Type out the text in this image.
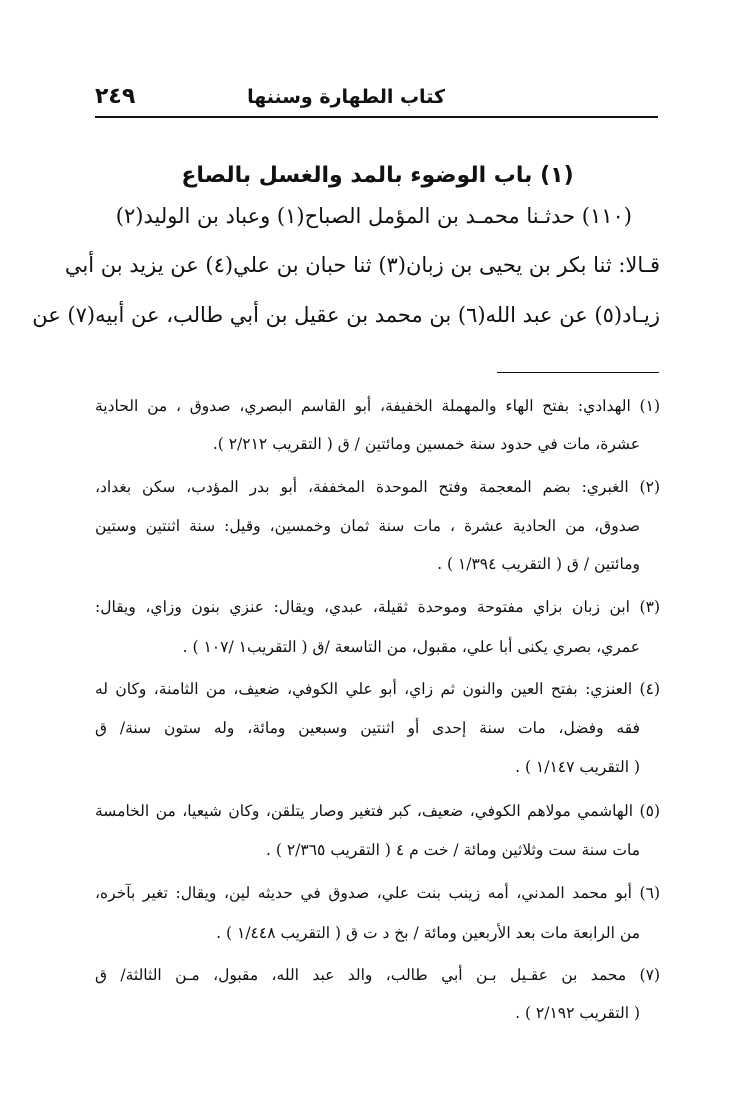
كتاب الطهارة وسننها
٢٤٩
(١) باب الوضوء بالمد والغسل بالصاع
(١١٠) حدثـنا محمـد بن المؤمل الصباح(١) وعباد بن الوليد(٢)
قـالا: ثنا بكر بن يحيى بن زبان(٣) ثنا حبان بن علي(٤) عن يزيد بن أبي
زيـاد(٥) عن عبد الله(٦) بن محمد بن عقيل بن أبي طالب، عن أبيه(٧) عن
(١) الهدادي: بفتح الهاء والمهملة الخفيفة، أبو القاسم البصري، صدوق ، من الحادية
عشرة، مات في حدود سنة خمسين ومائتين / ق ( التقريب ٢/٢١٢ ).
(٢) الغبري: بضم المعجمة وفتح الموحدة المخففة، أبو بدر المؤدب، سكن بغداد،
صدوق، من الحادية عشرة ، مات سنة ثمان وخمسين، وقيل: سنة اثنتين وستين
ومائتين / ق ( التقريب ١/٣٩٤ ) .
(٣) ابن زبان بزاي مفتوحة وموحدة ثقيلة، عبدي، ويقال: عنزي بنون وزاي، ويقال:
عمري، بصري يكنى أبا علي، مقبول، من التاسعة /ق ( التقريب١ /١٠٧ ) .
(٤) العنزي: بفتح العين والنون ثم زاي، أبو علي الكوفي، ضعيف، من الثامنة، وكان له
فقه وفضل، مات سنة إحدى أو اثنتين وسبعين ومائة، وله ستون سنة/ ق
( التقريب ١/١٤٧ ) .
(٥) الهاشمي مولاهم الكوفي، ضعيف، كبر فتغير وصار يتلقن، وكان شيعيا، من الخامسة
مات سنة ست وثلاثين ومائة / خت م ٤ ( التقريب ٢/٣٦٥ ) .
(٦) أبو محمد المدني، أمه زينب بنت علي، صدوق في حديثه لين، ويقال: تغير بآخره،
من الرابعة مات بعد الأربعين ومائة / بخ د ت ق ( التقريب ١/٤٤٨ ) .
(٧) محمد بن عقـيل بـن أبي طالب، والد عبد الله، مقبول، مـن الثالثة/ ق
( التقريب ٢/١٩٢ ) .
